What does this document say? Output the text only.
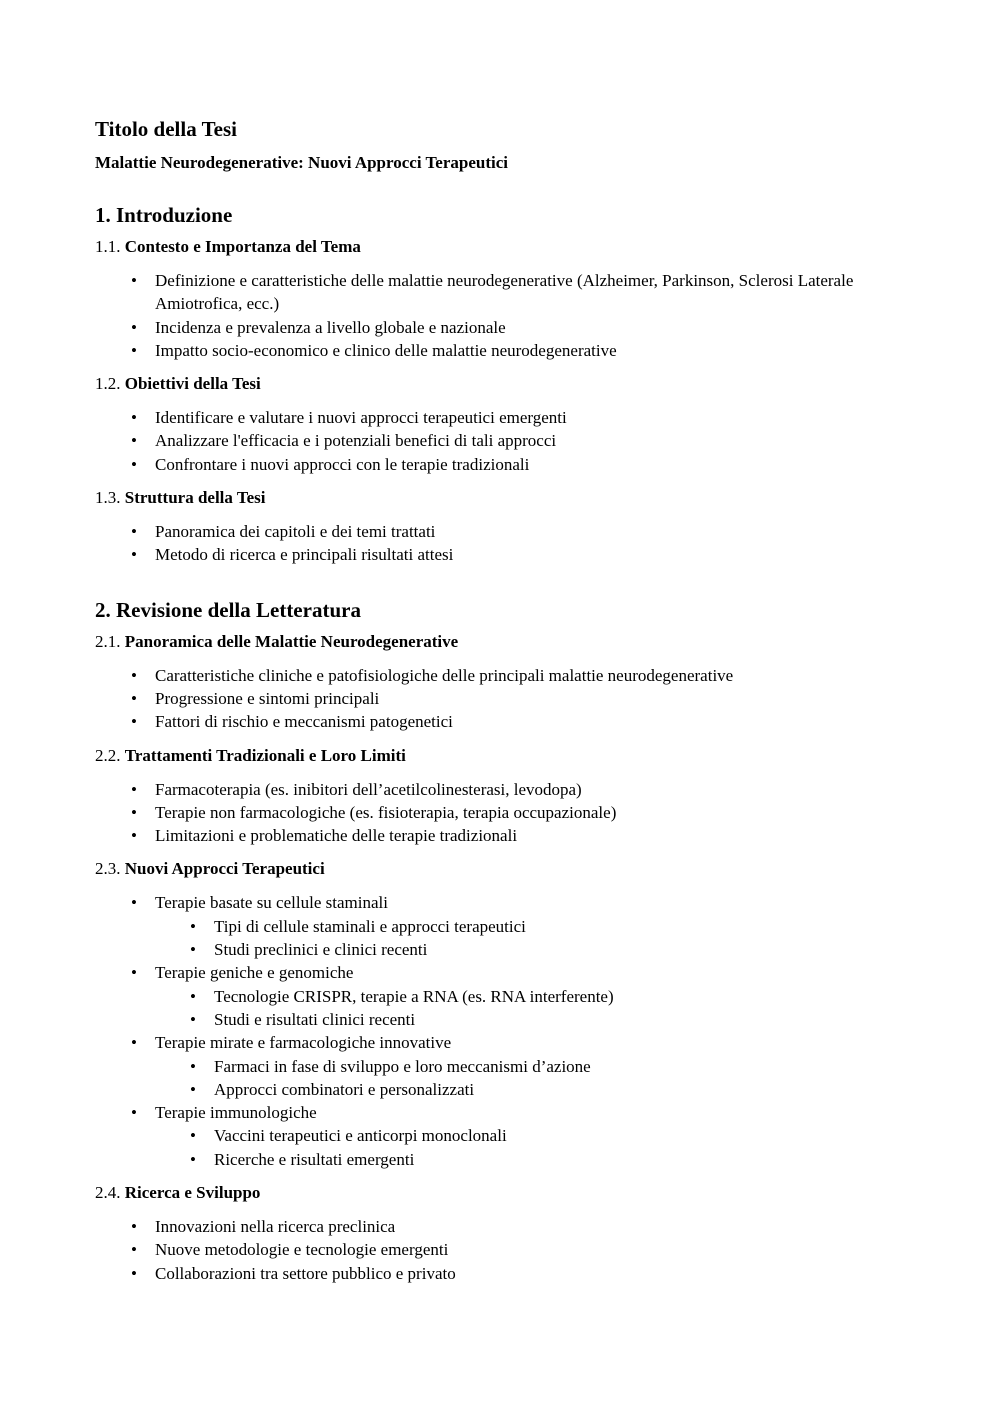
Titolo della Tesi

Malattie Neurodegenerative: Nuovi Approcci Terapeutici

1. Introduzione

1.1. Contesto e Importanza del Tema

• Definizione e caratteristiche delle malattie neurodegenerative (Alzheimer, Parkinson, Sclerosi Laterale Amiotrofica, ecc.)
• Incidenza e prevalenza a livello globale e nazionale
• Impatto socio-economico e clinico delle malattie neurodegenerative

1.2. Obiettivi della Tesi

• Identificare e valutare i nuovi approcci terapeutici emergenti
• Analizzare l'efficacia e i potenziali benefici di tali approcci
• Confrontare i nuovi approcci con le terapie tradizionali

1.3. Struttura della Tesi

• Panoramica dei capitoli e dei temi trattati
• Metodo di ricerca e principali risultati attesi
2. Revisione della Letteratura

2.1. Panoramica delle Malattie Neurodegenerative

• Caratteristiche cliniche e patofisiologiche delle principali malattie neurodegenerative
• Progressione e sintomi principali
• Fattori di rischio e meccanismi patogenetici

2.2. Trattamenti Tradizionali e Loro Limiti

• Farmacoterapia (es. inibitori dell’acetilcolinesterasi, levodopa)
• Terapie non farmacologiche (es. fisioterapia, terapia occupazionale)
• Limitazioni e problematiche delle terapie tradizionali

2.3. Nuovi Approcci Terapeutici

• Terapie basate su cellule staminali
• Tipi di cellule staminali e approcci terapeutici
• Studi preclinici e clinici recenti
• Terapie geniche e genomiche
• Tecnologie CRISPR, terapie a RNA (es. RNA interferente)
• Studi e risultati clinici recenti
• Terapie mirate e farmacologiche innovative
• Farmaci in fase di sviluppo e loro meccanismi d’azione
• Approcci combinatori e personalizzati
• Terapie immunologiche
• Vaccini terapeutici e anticorpi monoclonali
• Ricerche e risultati emergenti

2.4. Ricerca e Sviluppo

• Innovazioni nella ricerca preclinica
• Nuove metodologie e tecnologie emergenti
• Collaborazioni tra settore pubblico e privato
